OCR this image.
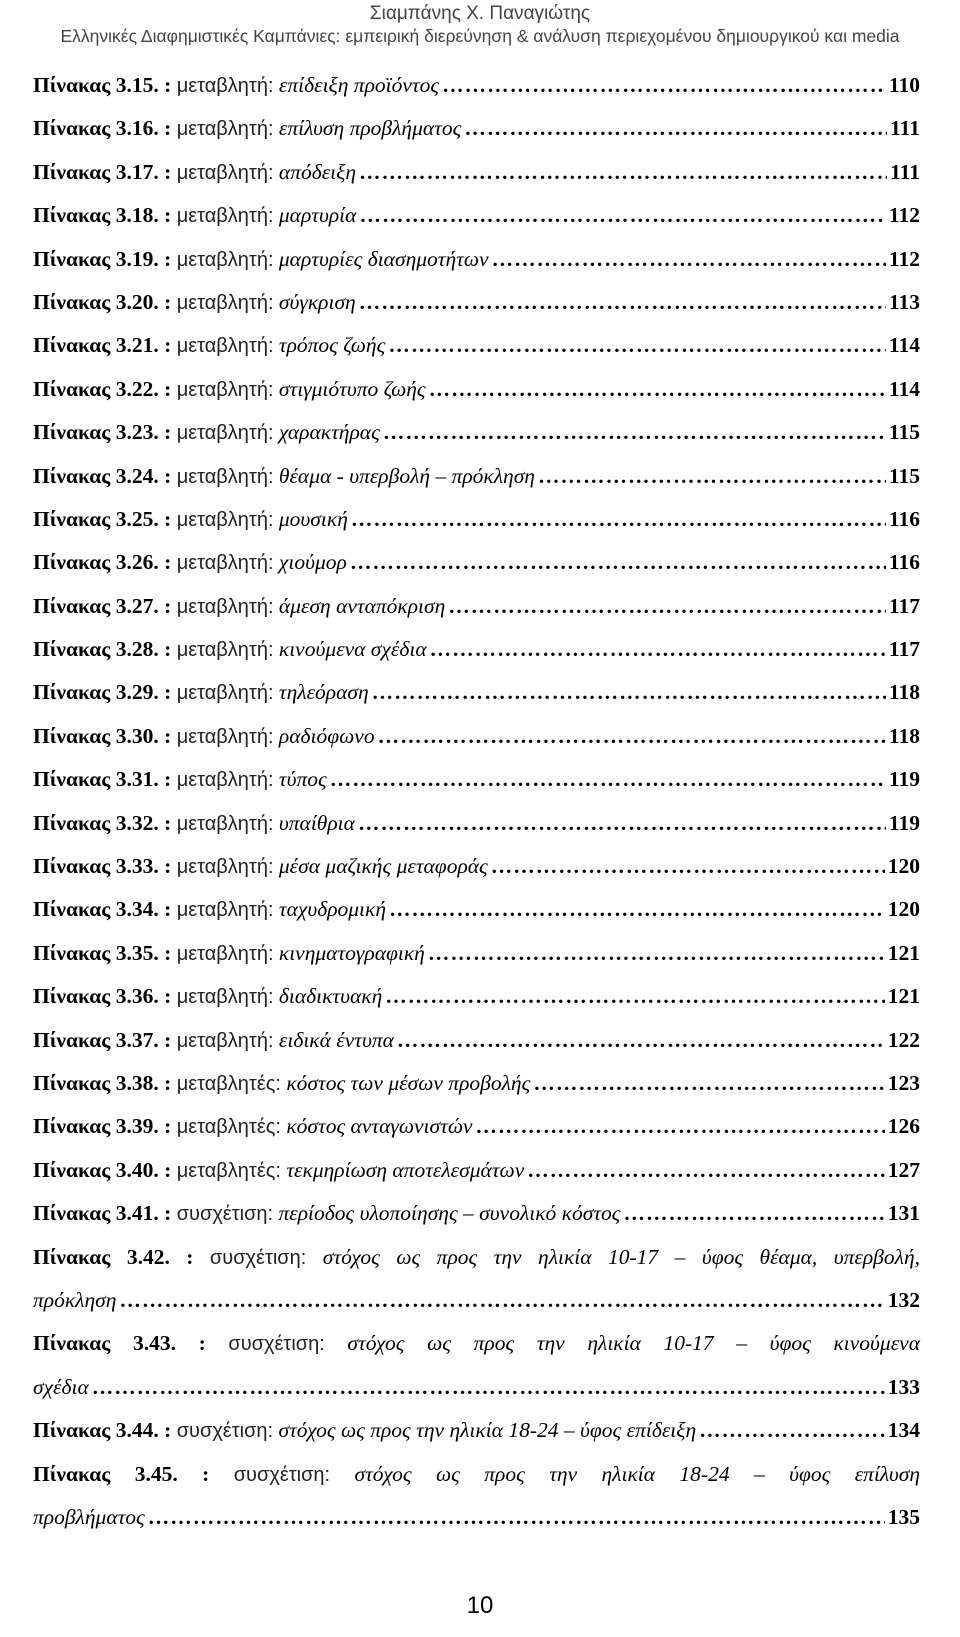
Σιαμπάνης Χ. Παναγιώτης
Ελληνικές Διαφημιστικές Καμπάνιες: εμπειρική διερεύνηση & ανάλυση περιεχομένου δημιουργικού και media
Πίνακας 3.15. : μεταβλητή:
επίδειξη προϊόντος …………………………………………………………………………………………………………………………………………………………………………………………………………………………	110
Πίνακας 3.16. : μεταβλητή:
επίλυση προβλήματος …………………………………………………………………………………………………………………………………………………………………………………………………………………………	111
Πίνακας 3.17. : μεταβλητή:
απόδειξη …………………………………………………………………………………………………………………………………………………………………………………………………………………………	111
Πίνακας 3.18. : μεταβλητή:
μαρτυρία …………………………………………………………………………………………………………………………………………………………………………………………………………………………	112
Πίνακας 3.19. : μεταβλητή:
μαρτυρίες διασημοτήτων …………………………………………………………………………………………………………………………………………………………………………………………………………………………	112
Πίνακας 3.20. : μεταβλητή:
σύγκριση …………………………………………………………………………………………………………………………………………………………………………………………………………………………	113
Πίνακας 3.21. : μεταβλητή:
τρόπος ζωής …………………………………………………………………………………………………………………………………………………………………………………………………………………………	114
Πίνακας 3.22. : μεταβλητή:
στιγμιότυπο ζωής …………………………………………………………………………………………………………………………………………………………………………………………………………………………	114
Πίνακας 3.23. : μεταβλητή:
χαρακτήρας …………………………………………………………………………………………………………………………………………………………………………………………………………………………	115
Πίνακας 3.24. : μεταβλητή:
θέαμα - υπερβολή – πρόκληση …………………………………………………………………………………………………………………………………………………………………………………………………………………………	115
Πίνακας 3.25. : μεταβλητή:
μουσική …………………………………………………………………………………………………………………………………………………………………………………………………………………………	116
Πίνακας 3.26. : μεταβλητή:
χιούμορ …………………………………………………………………………………………………………………………………………………………………………………………………………………………	116
Πίνακας 3.27. : μεταβλητή:
άμεση ανταπόκριση …………………………………………………………………………………………………………………………………………………………………………………………………………………………	117
Πίνακας 3.28. : μεταβλητή:
κινούμενα σχέδια …………………………………………………………………………………………………………………………………………………………………………………………………………………………	117
Πίνακας 3.29. : μεταβλητή:
τηλεόραση …………………………………………………………………………………………………………………………………………………………………………………………………………………………	118
Πίνακας 3.30. : μεταβλητή:
ραδιόφωνο …………………………………………………………………………………………………………………………………………………………………………………………………………………………	118
Πίνακας 3.31. : μεταβλητή:
τύπος …………………………………………………………………………………………………………………………………………………………………………………………………………………………	119
Πίνακας 3.32. : μεταβλητή:
υπαίθρια …………………………………………………………………………………………………………………………………………………………………………………………………………………………	119
Πίνακας 3.33. : μεταβλητή:
μέσα μαζικής μεταφοράς …………………………………………………………………………………………………………………………………………………………………………………………………………………………	120
Πίνακας 3.34. : μεταβλητή:
ταχυδρομική …………………………………………………………………………………………………………………………………………………………………………………………………………………………	120
Πίνακας 3.35. : μεταβλητή:
κινηματογραφική …………………………………………………………………………………………………………………………………………………………………………………………………………………………	121
Πίνακας 3.36. : μεταβλητή:
διαδικτυακή …………………………………………………………………………………………………………………………………………………………………………………………………………………………	121
Πίνακας 3.37. : μεταβλητή:
ειδικά έντυπα …………………………………………………………………………………………………………………………………………………………………………………………………………………………	122
Πίνακας 3.38. : μεταβλητές:
κόστος των μέσων προβολής …………………………………………………………………………………………………………………………………………………………………………………………………………………………	123
Πίνακας 3.39. : μεταβλητές:
κόστος ανταγωνιστών …………………………………………………………………………………………………………………………………………………………………………………………………………………………	126
Πίνακας 3.40. : μεταβλητές:
τεκμηρίωση αποτελεσμάτων …………………………………………………………………………………………………………………………………………………………………………………………………………………………	127
Πίνακας 3.41. : συσχέτιση:
περίοδος υλοποίησης – συνολικό κόστος …………………………………………………………………………………………………………………………………………………………………………………………………………………………	131
Πίνακας 3.42. : συσχέτιση: στόχος ως προς την ηλικία 10-17 – ύφος θέαμα, υπερβολή,
πρόκληση …………………………………………………………………………………………………………………………………………………………………………………………………………………………	132
Πίνακας 3.43. : συσχέτιση: στόχος ως προς την ηλικία 10-17 – ύφος κινούμενα
σχέδια …………………………………………………………………………………………………………………………………………………………………………………………………………………………	133
Πίνακας 3.44. : συσχέτιση:
στόχος ως προς την ηλικία 18-24 – ύφος επίδειξη …………………………………………………………………………………………………………………………………………………………………………………………………………………………	134
Πίνακας 3.45. : συσχέτιση: στόχος ως προς την ηλικία 18-24 – ύφος επίλυση
προβλήματος …………………………………………………………………………………………………………………………………………………………………………………………………………………………	135
10
